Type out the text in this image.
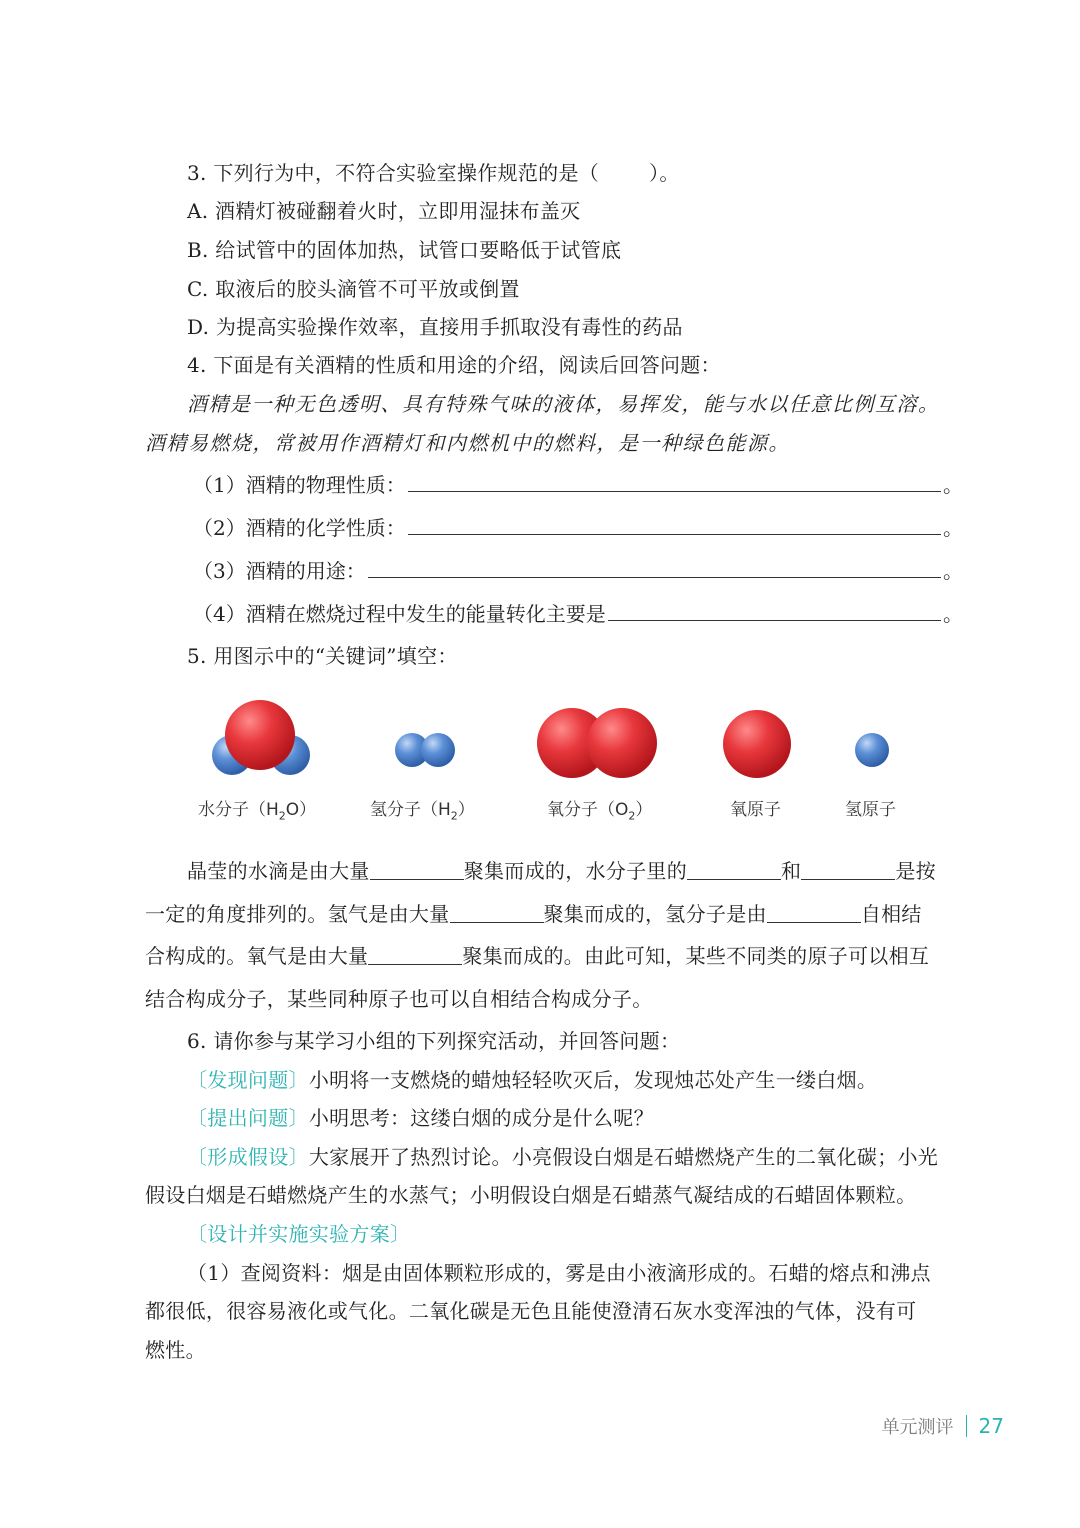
3. 下列行为中，不符合实验室操作规范的是（	）。
A. 酒精灯被碰翻着火时，立即用湿抹布盖灭
B. 给试管中的固体加热，试管口要略低于试管底
C. 取液后的胶头滴管不可平放或倒置
D. 为提高实验操作效率，直接用手抓取没有毒性的药品
4. 下面是有关酒精的性质和用途的介绍，阅读后回答问题：
酒精是一种无色透明、具有特殊气味的液体，易挥发，能与水以任意比例互溶。
酒精易燃烧，常被用作酒精灯和内燃机中的燃料，是一种绿色能源。
（1）酒精的物理性质：	。
（2）酒精的化学性质：	。
（3）酒精的用途：	。
（4）酒精在燃烧过程中发生的能量转化主要是	。
5. 用图示中的“关键词”填空：
水分子$(H_2O)$	氢分子$(H_2)$	氧分子$(O_2)$	氧原子	氢原子
晶莹的水滴是由大量	聚集而成的，水分子里的	和	是按
一定的角度排列的。氢气是由大量	聚集而成的，氢分子是由	自相结
合构成的。氧气是由大量	聚集而成的。由此可知，某些不同类的原子可以相互
结合构成分子，某些同种原子也可以自相结合构成分子。
6. 请你参与某学习小组的下列探究活动，并回答问题：
〔发现问题〕小明将一支燃烧的蜡烛轻轻吹灭后，发现烛芯处产生一缕白烟。
〔提出问题〕小明思考：这缕白烟的成分是什么呢？
〔形成假设〕大家展开了热烈讨论。小亮假设白烟是石蜡燃烧产生的二氧化碳；小光
假设白烟是石蜡燃烧产生的水蒸气；小明假设白烟是石蜡蒸气凝结成的石蜡固体颗粒。
〔设计并实施实验方案〕
（1）查阅资料：烟是由固体颗粒形成的，雾是由小液滴形成的。石蜡的熔点和沸点
都很低，很容易液化或气化。二氧化碳是无色且能使澄清石灰水变浑浊的气体，没有可
燃性。
单元测评 27
